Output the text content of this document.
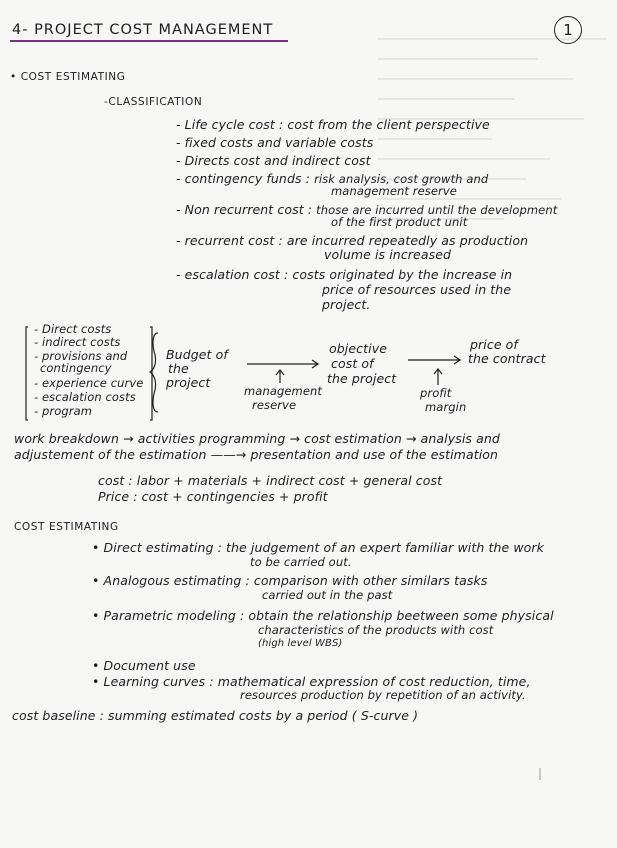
4- PROJECT COST MANAGEMENT	1
• COST ESTIMATING
-CLASSIFICATION
- Life cycle cost : cost from the client perspective
- fixed costs and variable costs
- Directs cost and indirect cost
- contingency funds : risk analysis, cost growth and
management reserve
- Non recurrent cost : those are incurred until the development
of the first product unit
- recurrent cost : are incurred repeatedly as production
volume is increased
- escalation cost : costs originated by the increase in
price of resources used in the
project.
- Direct costs
- indirect costs
- provisions and
contingency
- experience curve
- escalation costs
- program
Budget of
the
project
objective
cost of
the project
price of
the contract
management
reserve
profit
margin
work breakdown → activities programming → cost estimation → analysis and
adjustement of the estimation ——→ presentation and use of the estimation
cost : labor + materials + indirect cost + general cost
Price : cost + contingencies + profit
COST ESTIMATING
• Direct estimating : the judgement of an expert familiar with the work
to be carried out.
• Analogous estimating : comparison with other similars tasks
carried out in the past
• Parametric modeling : obtain the relationship beetween some physical
characteristics of the products with cost
(high level WBS)
• Document use
• Learning curves : mathematical expression of cost reduction, time,
resources production by repetition of an activity.
cost baseline : summing estimated costs by a period ( S-curve )
